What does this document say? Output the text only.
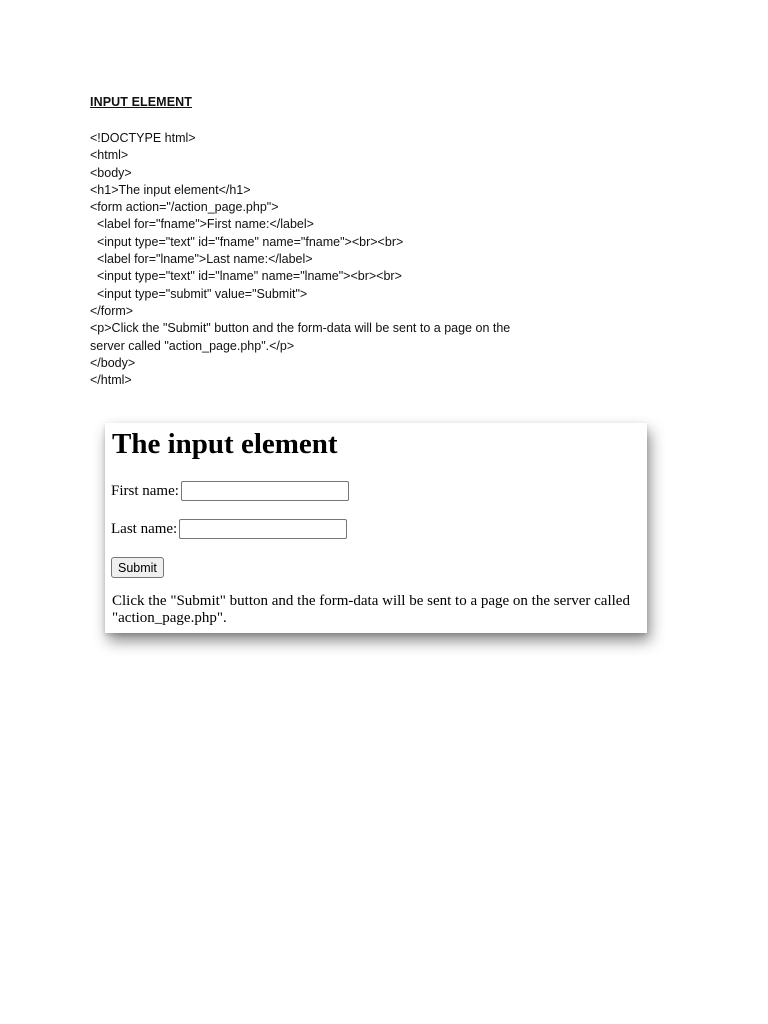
INPUT ELEMENT
<!DOCTYPE html>
<html>
<body>
<h1>The input element</h1>
<form action="/action_page.php">
<label for="fname">First name:</label>
<input type="text" id="fname" name="fname"><br><br>
<label for="lname">Last name:</label>
<input type="text" id="lname" name="lname"><br><br>
<input type="submit" value="Submit">
</form>
<p>Click the "Submit" button and the form-data will be sent to a page on the
server called "action_page.php".</p>
</body>
</html>
The input element
First name:
Last name:
Submit

Click the "Submit" button and the form-data will be sent to a page on the server called "action_page.php".
